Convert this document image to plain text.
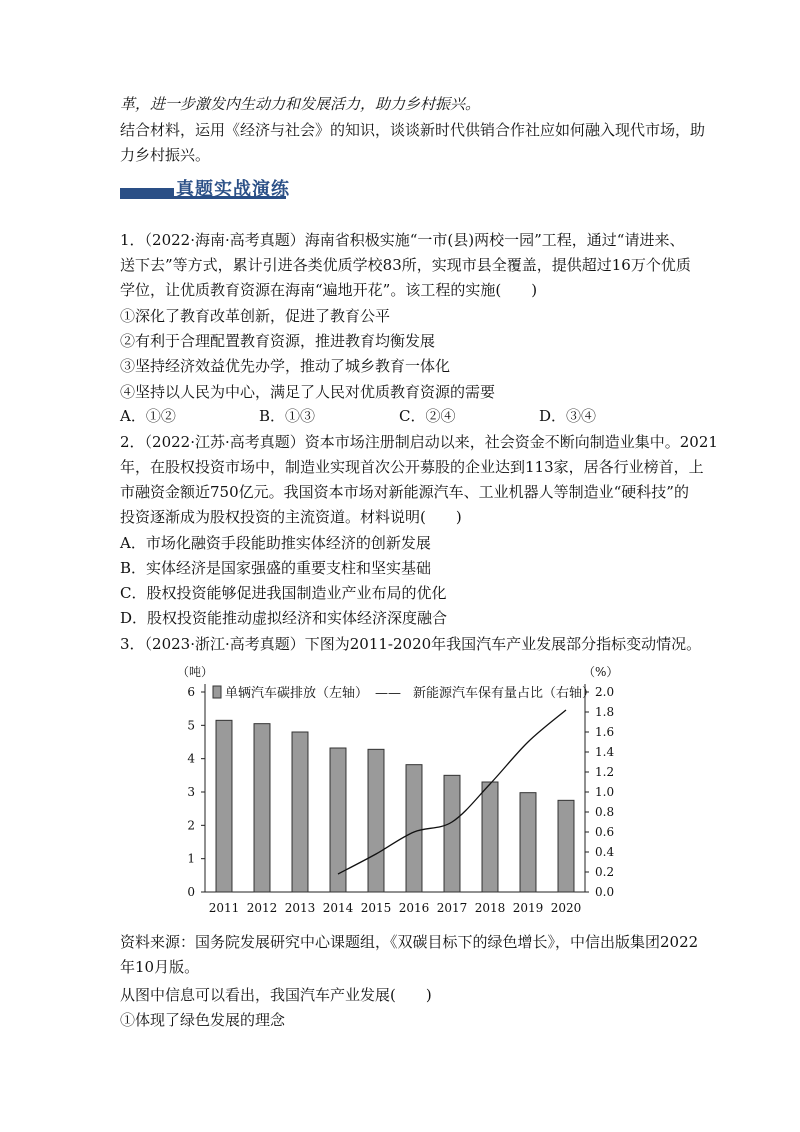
革，进一步激发内生动力和发展活力，助力乡村振兴。
结合材料，运用《经济与社会》的知识，谈谈新时代供销合作社应如何融入现代市场，助
力乡村振兴。
真题实战演练
1．（2022·海南·高考真题）海南省积极实施“一市(县)两校一园”工程，通过“请进来、
送下去”等方式，累计引进各类优质学校83所，实现市县全覆盖，提供超过16万个优质
学位，让优质教育资源在海南“遍地开花”。该工程的实施(　　)
①深化了教育改革创新，促进了教育公平
②有利于合理配置教育资源，推进教育均衡发展
③坚持经济效益优先办学，推动了城乡教育一体化
④坚持以人民为中心，满足了人民对优质教育资源的需要
A．①②	B．①③	C．②④	D．③④
2．（2022·江苏·高考真题）资本市场注册制启动以来，社会资金不断向制造业集中。2021
年，在股权投资市场中，制造业实现首次公开募股的企业达到113家，居各行业榜首，上
市融资金额近750亿元。我国资本市场对新能源汽车、工业机器人等制造业“硬科技”的
投资逐渐成为股权投资的主流资道。材料说明(　　)
A．市场化融资手段能助推实体经济的创新发展
B．实体经济是国家强盛的重要支柱和坚实基础
C．股权投资能够促进我国制造业产业布局的优化
D．股权投资能推动虚拟经济和实体经济深度融合
3．（2023·浙江·高考真题）下图为2011-2020年我国汽车产业发展部分指标变动情况。
（吨）	（%）
0
1
2
3
4
5
6
0.0
0.2
0.4
0.6
0.8
1.0
1.2
1.4
1.6
1.8
2.0
2011 2012 2013 2014 2015 2016 2017 2018 2019 2020
单辆汽车碳排放（左轴） —— 新能源汽车保有量占比（右轴）
资料来源：国务院发展研究中心课题组，《双碳目标下的绿色增长》，中信出版集团2022
年10月版。
从图中信息可以看出，我国汽车产业发展(　　)
①体现了绿色发展的理念
